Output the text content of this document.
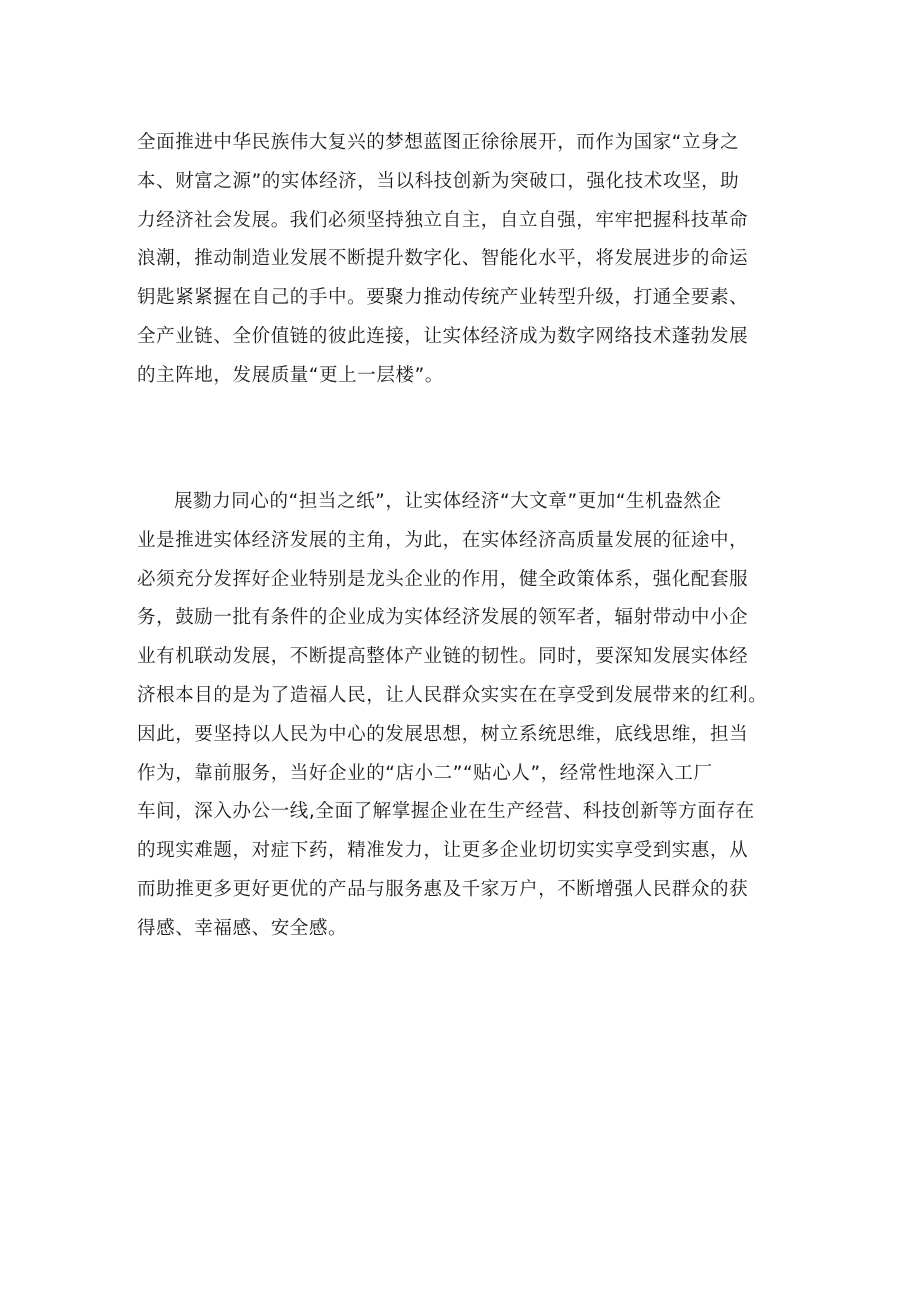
全面推进中华民族伟大复兴的梦想蓝图正徐徐展开，而作为国家“立身之
本、财富之源”的实体经济，当以科技创新为突破口，强化技术攻坚，助
力经济社会发展。我们必须坚持独立自主，自立自强，牢牢把握科技革命
浪潮，推动制造业发展不断提升数字化、智能化水平，将发展进步的命运
钥匙紧紧握在自己的手中。要聚力推动传统产业转型升级，打通全要素、
全产业链、全价值链的彼此连接，让实体经济成为数字网络技术蓬勃发展
的主阵地，发展质量“更上一层楼”。
展勠力同心的“担当之纸”，让实体经济“大文章”更加“生机盎然企
业是推进实体经济发展的主角，为此，在实体经济高质量发展的征途中，
必须充分发挥好企业特别是龙头企业的作用，健全政策体系，强化配套服
务，鼓励一批有条件的企业成为实体经济发展的领军者，辐射带动中小企
业有机联动发展，不断提高整体产业链的韧性。同时，要深知发展实体经
济根本目的是为了造福人民，让人民群众实实在在享受到发展带来的红利。
因此，要坚持以人民为中心的发展思想，树立系统思维，底线思维，担当
作为，靠前服务，当好企业的“店小二”“贴心人”，经常性地深入工厂
车间，深入办公一线,全面了解掌握企业在生产经营、科技创新等方面存在
的现实难题，对症下药，精准发力，让更多企业切切实实享受到实惠，从
而助推更多更好更优的产品与服务惠及千家万户，不断增强人民群众的获
得感、幸福感、安全感。
